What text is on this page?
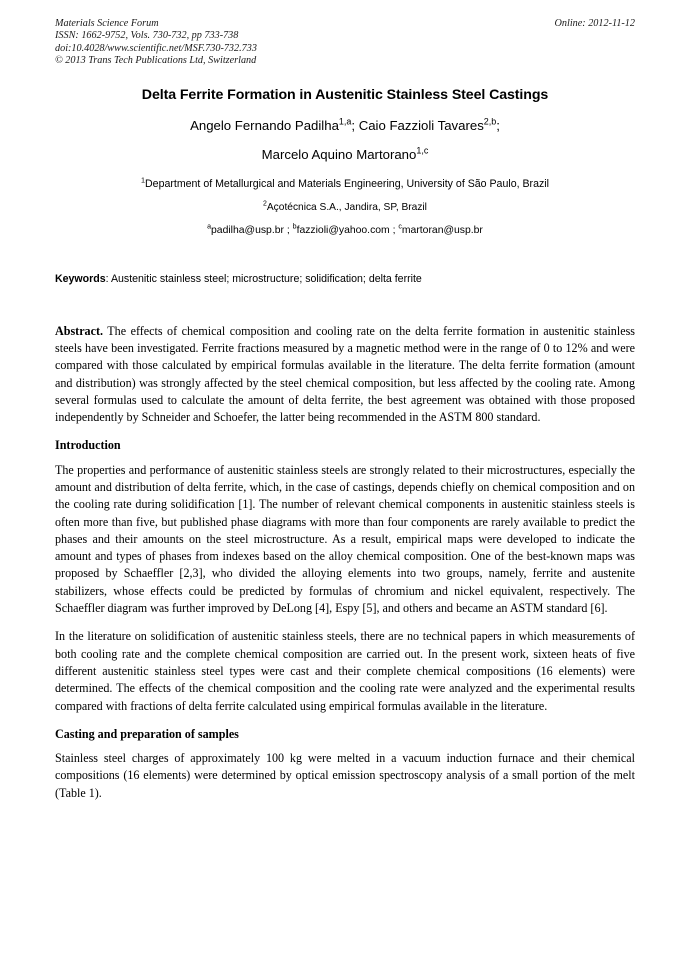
Materials Science Forum
ISSN: 1662-9752, Vols. 730-732, pp 733-738
doi:10.4028/www.scientific.net/MSF.730-732.733
© 2013 Trans Tech Publications Ltd, Switzerland
Online: 2012-11-12
Delta Ferrite Formation in Austenitic Stainless Steel Castings
Angelo Fernando Padilha$^{1,a}$; Caio Fazzioli Tavares$^{2,b}$;
Marcelo Aquino Martorano$^{1,c}$
$^1$Department of Metallurgical and Materials Engineering, University of São Paulo, Brazil
$^2$Açotécnica S.A., Jandira, SP, Brazil
$^a$padilha@usp.br ; $^b$fazzioli@yahoo.com ; $^c$martoran@usp.br
Keywords: Austenitic stainless steel; microstructure; solidification; delta ferrite

Abstract. The effects of chemical composition and cooling rate on the delta ferrite formation in austenitic stainless steels have been investigated. Ferrite fractions measured by a magnetic method were in the range of 0 to 12% and were compared with those calculated by empirical formulas available in the literature. The delta ferrite formation (amount and distribution) was strongly affected by the steel chemical composition, but less affected by the cooling rate. Among several formulas used to calculate the amount of delta ferrite, the best agreement was obtained with those proposed independently by Schneider and Schoefer, the latter being recommended in the ASTM 800 standard.

Introduction

The properties and performance of austenitic stainless steels are strongly related to their microstructures, especially the amount and distribution of delta ferrite, which, in the case of castings, depends chiefly on chemical composition and on the cooling rate during solidification [1]. The number of relevant chemical components in austenitic stainless steels is often more than five, but published phase diagrams with more than four components are rarely available to predict the phases and their amounts on the steel microstructure. As a result, empirical maps were developed to indicate the amount and types of phases from indexes based on the alloy chemical composition. One of the best-known maps was proposed by Schaeffler [2,3], who divided the alloying elements into two groups, namely, ferrite and austenite stabilizers, whose effects could be predicted by formulas of chromium and nickel equivalent, respectively. The Schaeffler diagram was further improved by DeLong [4], Espy [5], and others and became an ASTM standard [6].

In the literature on solidification of austenitic stainless steels, there are no technical papers in which measurements of both cooling rate and the complete chemical composition are carried out. In the present work, sixteen heats of five different austenitic stainless steel types were cast and their complete chemical compositions (16 elements) were determined. The effects of the chemical composition and the cooling rate were analyzed and the experimental results compared with fractions of delta ferrite calculated using empirical formulas available in the literature.

Casting and preparation of samples

Stainless steel charges of approximately 100 kg were melted in a vacuum induction furnace and their chemical compositions (16 elements) were determined by optical emission spectroscopy analysis of a small portion of the melt (Table 1).
